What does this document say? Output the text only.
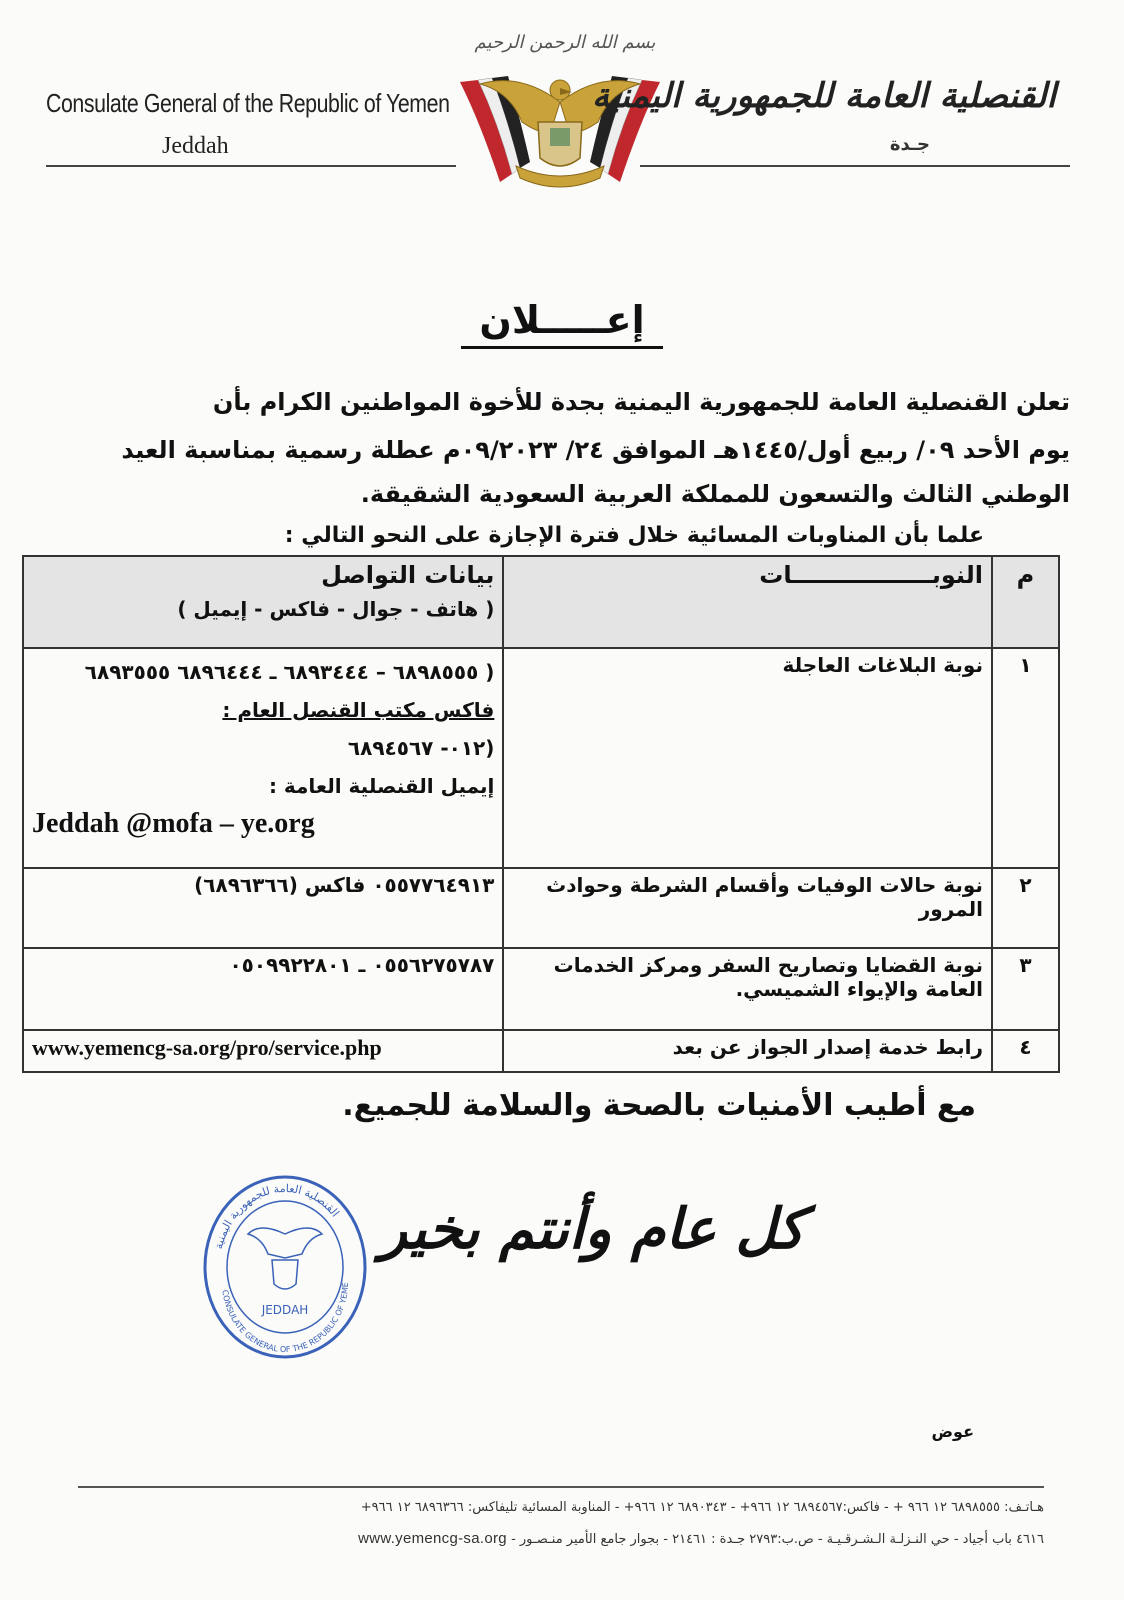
Consulate General of the Republic of Yemen
Jeddah
بسم الله الرحمن الرحيم
القنصلية العامة للجمهورية اليمنية
جـدة
إعـــــلان
تعلن القنصلية العامة للجمهورية اليمنية بجدة للأخوة المواطنين الكرام بأن
يوم الأحد ٠٩/ ربيع أول/١٤٤٥هـ الموافق ٢٤/ ٠٩/٢٠٢٣م عطلة رسمية بمناسبة العيد
الوطني الثالث والتسعون للمملكة العربية السعودية الشقيقة.
علما بأن المناوبات المسائية خلال فترة الإجازة على النحو التالي :
م	النوبـــــــــــــــــات	بيانات التواصل
( هاتف - جوال - فاكس - إيميل )

١	نوبة البلاغات العاجلة	( ٦٨٩٨٥٥٥ – ٦٨٩٣٤٤٤ ـ ٦٨٩٦٤٤٤ ٦٨٩٣٥٥٥
فاكس مكتب القنصل العام :
(٠١٢- ٦٨٩٤٥٦٧
إيميل القنصلية العامة :
Jeddah @mofa – ye.org

٢	نوبة حالات الوفيات وأقسام الشرطة وحوادث المرور	٠٥٥٧٧٦٤٩١٣ فاكس (٦٨٩٦٣٦٦)
٣	نوبة القضايا وتصاريح السفر ومركز الخدمات العامة والإيواء الشميسي.	٠٥٥٦٢٧٥٧٨٧ ـ ٠٥٠٩٩٢٢٨٠١
٤	رابط خدمة إصدار الجواز عن بعد	www.yemencg-sa.org/pro/service.php
مع أطيب الأمنيات بالصحة والسلامة للجميع.
القنصلية العامة للجمهورية اليمنية
CONSULATE GENERAL OF THE REPUBLIC OF YEME
JEDDAH
كل عام وأنتم بخير
عوض
هـاتـف: ٦٨٩٨٥٥٥ ١٢ ٩٦٦ + - فاكس:٦٨٩٤٥٦٧ ١٢ ٩٦٦+ - ٦٨٩٠٣٤٣ ١٢ ٩٦٦+ - المناوبة المسائية تليفاكس: ٦٨٩٦٣٦٦ ١٢ ٩٦٦+
٤٦١٦ باب أجياد - حي النـزلـة الـشـرقـيـة - ص.ب:٢٧٩٣ جـدة : ٢١٤٦١ - بجوار جامع الأمير منـصـور - www.yemencg-sa.org
